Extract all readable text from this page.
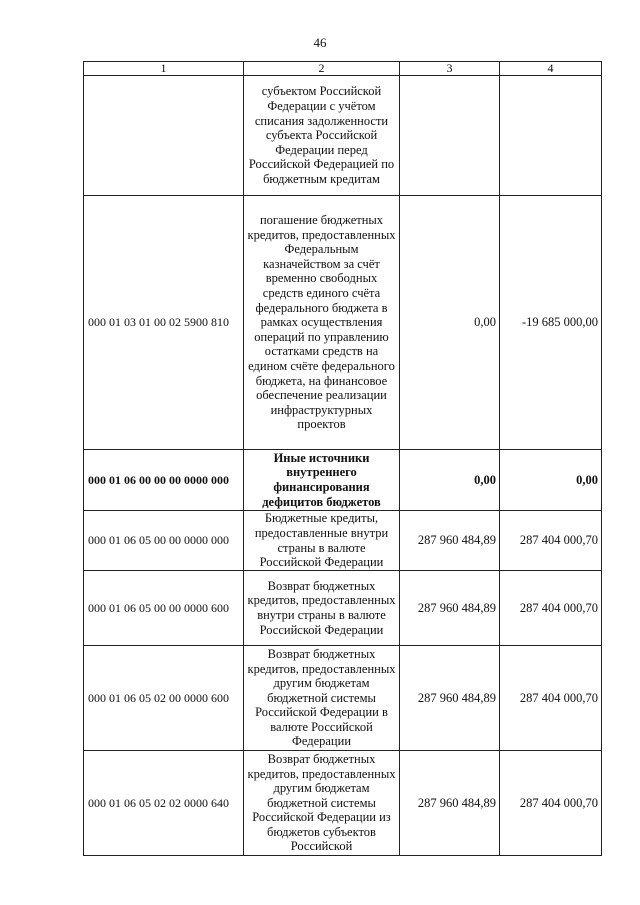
46
1	2	3	4
	субъектом Российской Федерации с учётом списания задолженности субъекта Российской Федерации перед Российской Федерацией по бюджетным кредитам		
000 01 03 01 00 02 5900 810	погашение бюджетных кредитов, предоставленных Федеральным казначейством за счёт временно свободных средств единого счёта федерального бюджета в рамках осуществления операций по управлению остатками средств на едином счёте федерального бюджета, на финансовое обеспечение реализации инфраструктурных проектов	0,00	-19 685 000,00
000 01 06 00 00 00 0000 000	Иные источники внутреннего финансирования дефицитов бюджетов	0,00	0,00
000 01 06 05 00 00 0000 000	Бюджетные кредиты, предоставленные внутри страны в валюте Российской Федерации	287 960 484,89	287 404 000,70
000 01 06 05 00 00 0000 600	Возврат бюджетных кредитов, предоставленных внутри страны в валюте Российской Федерации	287 960 484,89	287 404 000,70
000 01 06 05 02 00 0000 600	Возврат бюджетных кредитов, предоставленных другим бюджетам бюджетной системы Российской Федерации в валюте Российской Федерации	287 960 484,89	287 404 000,70
000 01 06 05 02 02 0000 640	Возврат бюджетных кредитов, предоставленных другим бюджетам бюджетной системы Российской Федерации из бюджетов субъектов Российской	287 960 484,89	287 404 000,70
